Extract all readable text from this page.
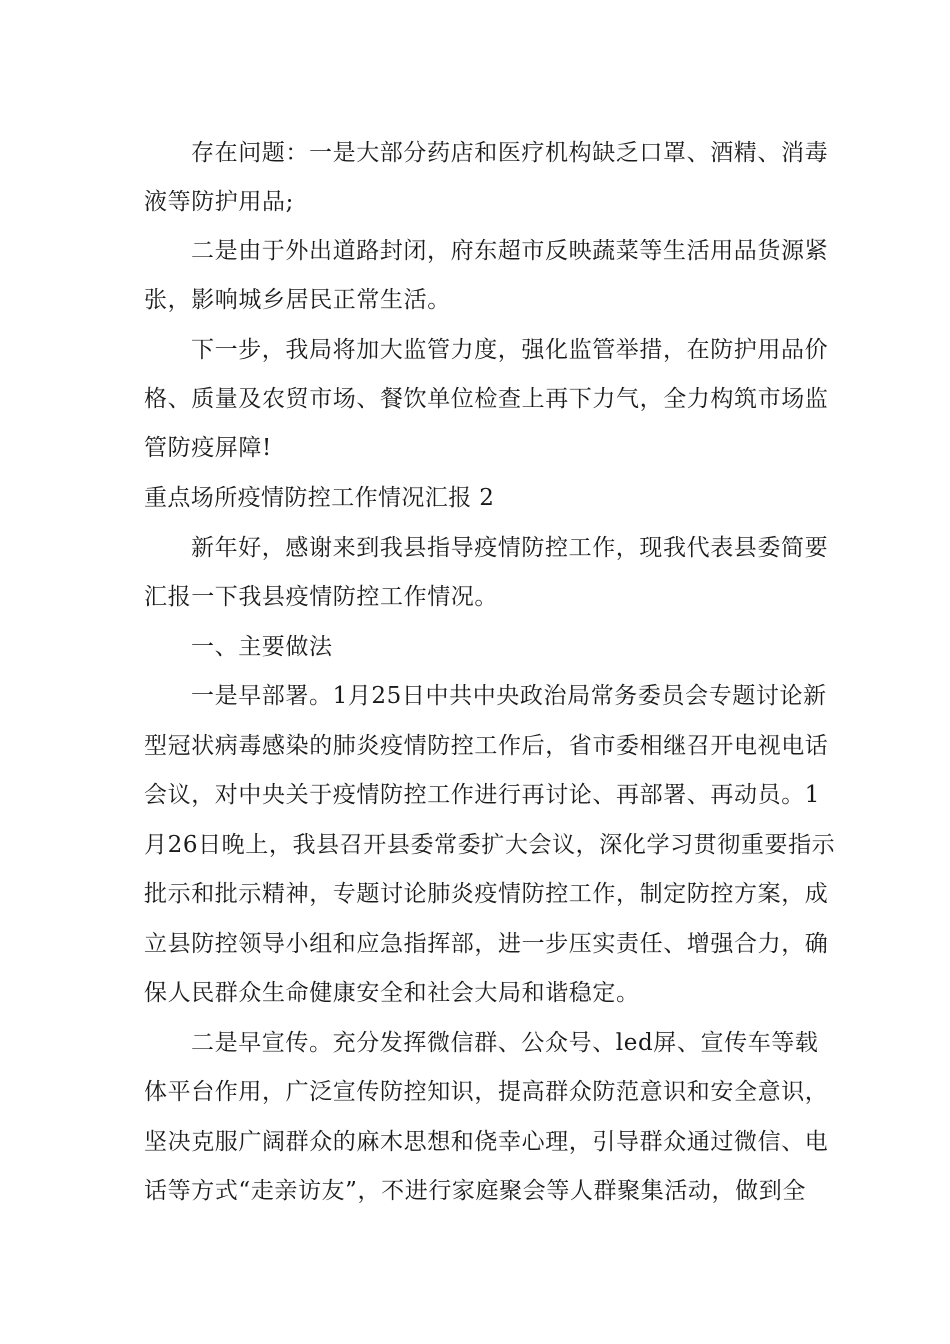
存在问题：一是大部分药店和医疗机构缺乏口罩、酒精、消毒

液等防护用品;

二是由于外出道路封闭，府东超市反映蔬菜等生活用品货源紧

张，影响城乡居民正常生活。

下一步，我局将加大监管力度，强化监管举措，在防护用品价

格、质量及农贸市场、餐饮单位检查上再下力气，全力构筑市场监

管防疫屏障!

重点场所疫情防控工作情况汇报 2

新年好，感谢来到我县指导疫情防控工作，现我代表县委简要

汇报一下我县疫情防控工作情况。

一、主要做法

一是早部署。1月25日中共中央政治局常务委员会专题讨论新

型冠状病毒感染的肺炎疫情防控工作后，省市委相继召开电视电话

会议，对中央关于疫情防控工作进行再讨论、再部署、再动员。1

月26日晚上，我县召开县委常委扩大会议，深化学习贯彻重要指示

批示和批示精神，专题讨论肺炎疫情防控工作，制定防控方案，成

立县防控领导小组和应急指挥部，进一步压实责任、增强合力，确

保人民群众生命健康安全和社会大局和谐稳定。

二是早宣传。充分发挥微信群、公众号、led屏、宣传车等载

体平台作用，广泛宣传防控知识，提高群众防范意识和安全意识，

坚决克服广阔群众的麻木思想和侥幸心理，引导群众通过微信、电

话等方式“走亲访友”，不进行家庭聚会等人群聚集活动，做到全
